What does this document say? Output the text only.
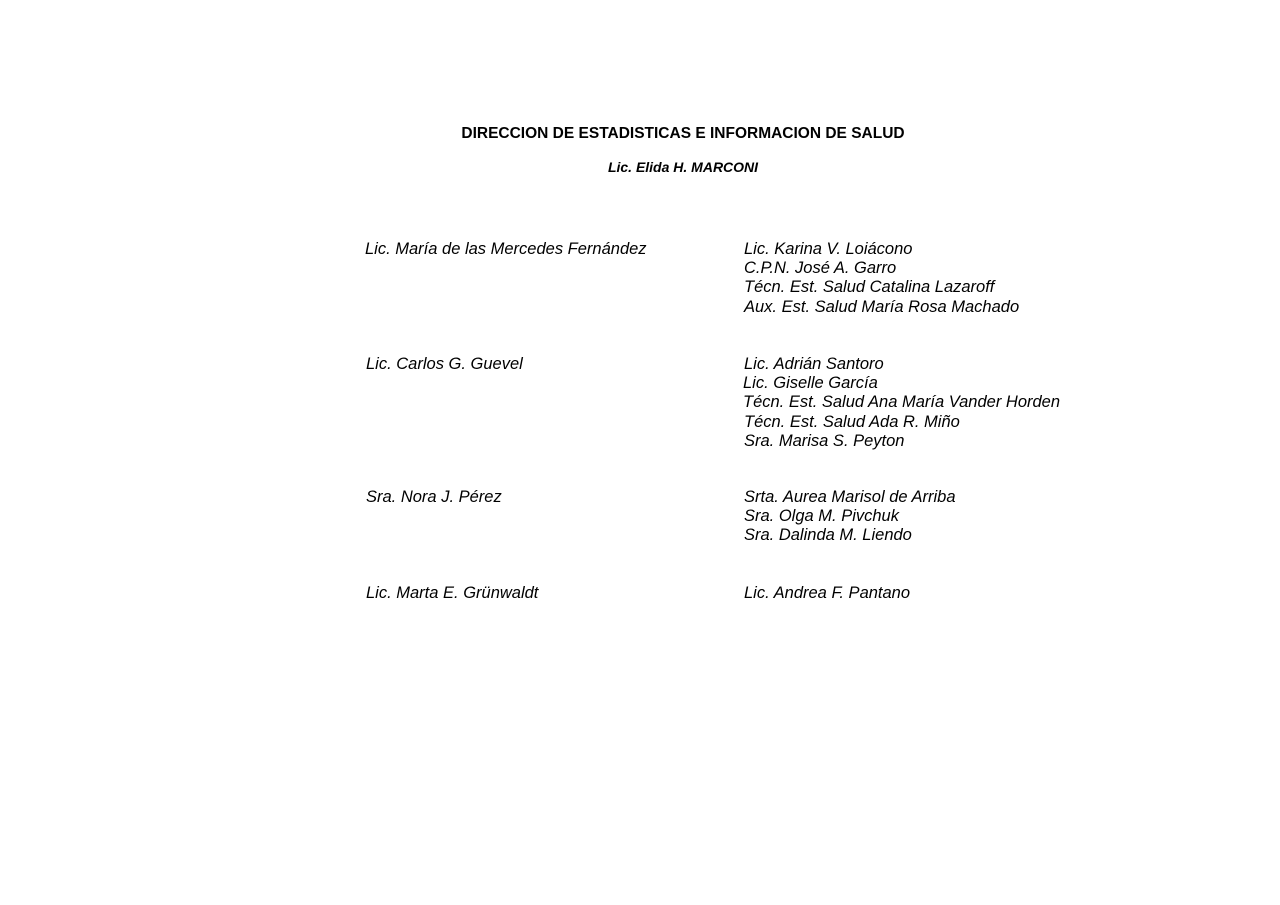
DIRECCION DE ESTADISTICAS E INFORMACION DE SALUD

Lic. Elida H. MARCONI

Lic. María de las Mercedes Fernández	Lic. Karina V. Loiácono
C.P.N. José A. Garro
Técn. Est. Salud Catalina Lazaroff
Aux. Est. Salud María Rosa Machado
Lic. Carlos G. Guevel	Lic. Adrián Santoro
Lic. Giselle García
Técn. Est. Salud Ana María Vander Horden
Técn. Est. Salud Ada R. Miño
Sra. Marisa S. Peyton
Sra. Nora J. Pérez	Srta. Aurea Marisol de Arriba
Sra. Olga M. Pivchuk
Sra. Dalinda M. Liendo
Lic. Marta E. Grünwaldt	Lic. Andrea F. Pantano
